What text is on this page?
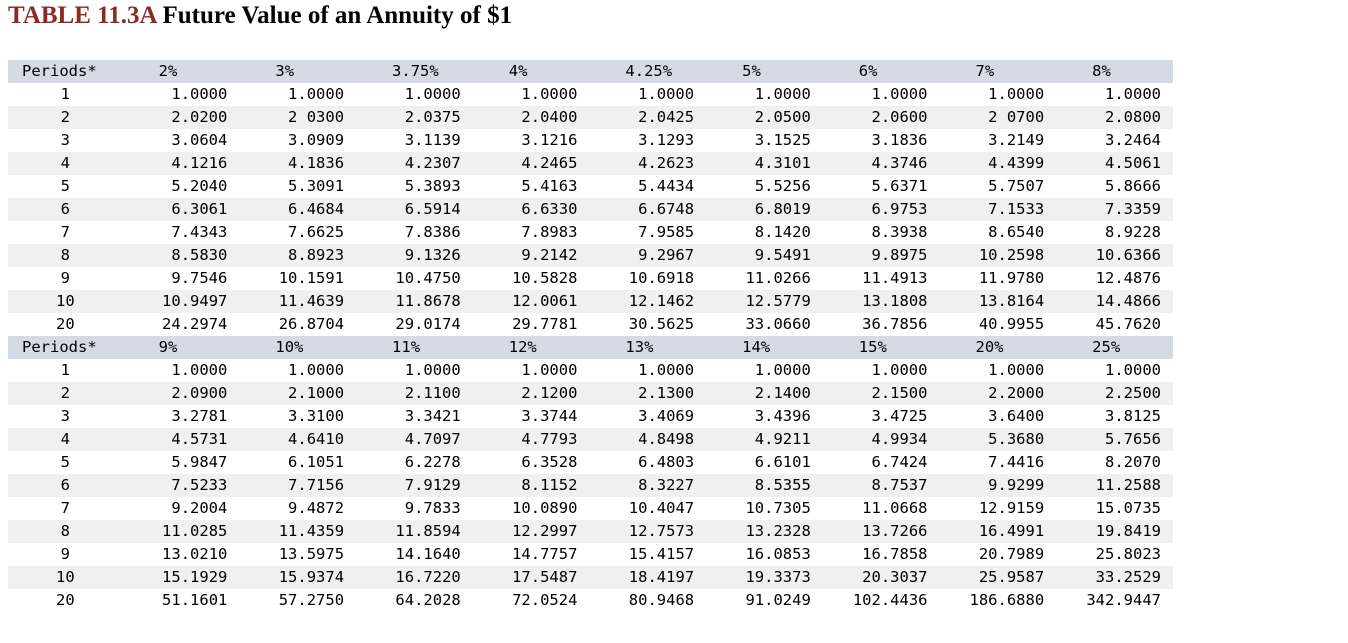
TABLE 11.3A Future Value of an Annuity of $1
Periods*	2%	3%	3.75%	4%	4.25%	5%	6%	7%	8%
1	1.0000	1.0000	1.0000	1.0000	1.0000	1.0000	1.0000	1.0000	1.0000
2	2.0200	2 0300	2.0375	2.0400	2.0425	2.0500	2.0600	2 0700	2.0800
3	3.0604	3.0909	3.1139	3.1216	3.1293	3.1525	3.1836	3.2149	3.2464
4	4.1216	4.1836	4.2307	4.2465	4.2623	4.3101	4.3746	4.4399	4.5061
5	5.2040	5.3091	5.3893	5.4163	5.4434	5.5256	5.6371	5.7507	5.8666
6	6.3061	6.4684	6.5914	6.6330	6.6748	6.8019	6.9753	7.1533	7.3359
7	7.4343	7.6625	7.8386	7.8983	7.9585	8.1420	8.3938	8.6540	8.9228
8	8.5830	8.8923	9.1326	9.2142	9.2967	9.5491	9.8975	10.2598	10.6366
9	9.7546	10.1591	10.4750	10.5828	10.6918	11.0266	11.4913	11.9780	12.4876
10	10.9497	11.4639	11.8678	12.0061	12.1462	12.5779	13.1808	13.8164	14.4866
20	24.2974	26.8704	29.0174	29.7781	30.5625	33.0660	36.7856	40.9955	45.7620
Periods*	9%	10%	11%	12%	13%	14%	15%	20%	25%
1	1.0000	1.0000	1.0000	1.0000	1.0000	1.0000	1.0000	1.0000	1.0000
2	2.0900	2.1000	2.1100	2.1200	2.1300	2.1400	2.1500	2.2000	2.2500
3	3.2781	3.3100	3.3421	3.3744	3.4069	3.4396	3.4725	3.6400	3.8125
4	4.5731	4.6410	4.7097	4.7793	4.8498	4.9211	4.9934	5.3680	5.7656
5	5.9847	6.1051	6.2278	6.3528	6.4803	6.6101	6.7424	7.4416	8.2070
6	7.5233	7.7156	7.9129	8.1152	8.3227	8.5355	8.7537	9.9299	11.2588
7	9.2004	9.4872	9.7833	10.0890	10.4047	10.7305	11.0668	12.9159	15.0735
8	11.0285	11.4359	11.8594	12.2997	12.7573	13.2328	13.7266	16.4991	19.8419
9	13.0210	13.5975	14.1640	14.7757	15.4157	16.0853	16.7858	20.7989	25.8023
10	15.1929	15.9374	16.7220	17.5487	18.4197	19.3373	20.3037	25.9587	33.2529
20	51.1601	57.2750	64.2028	72.0524	80.9468	91.0249	102.4436	186.6880	342.9447
